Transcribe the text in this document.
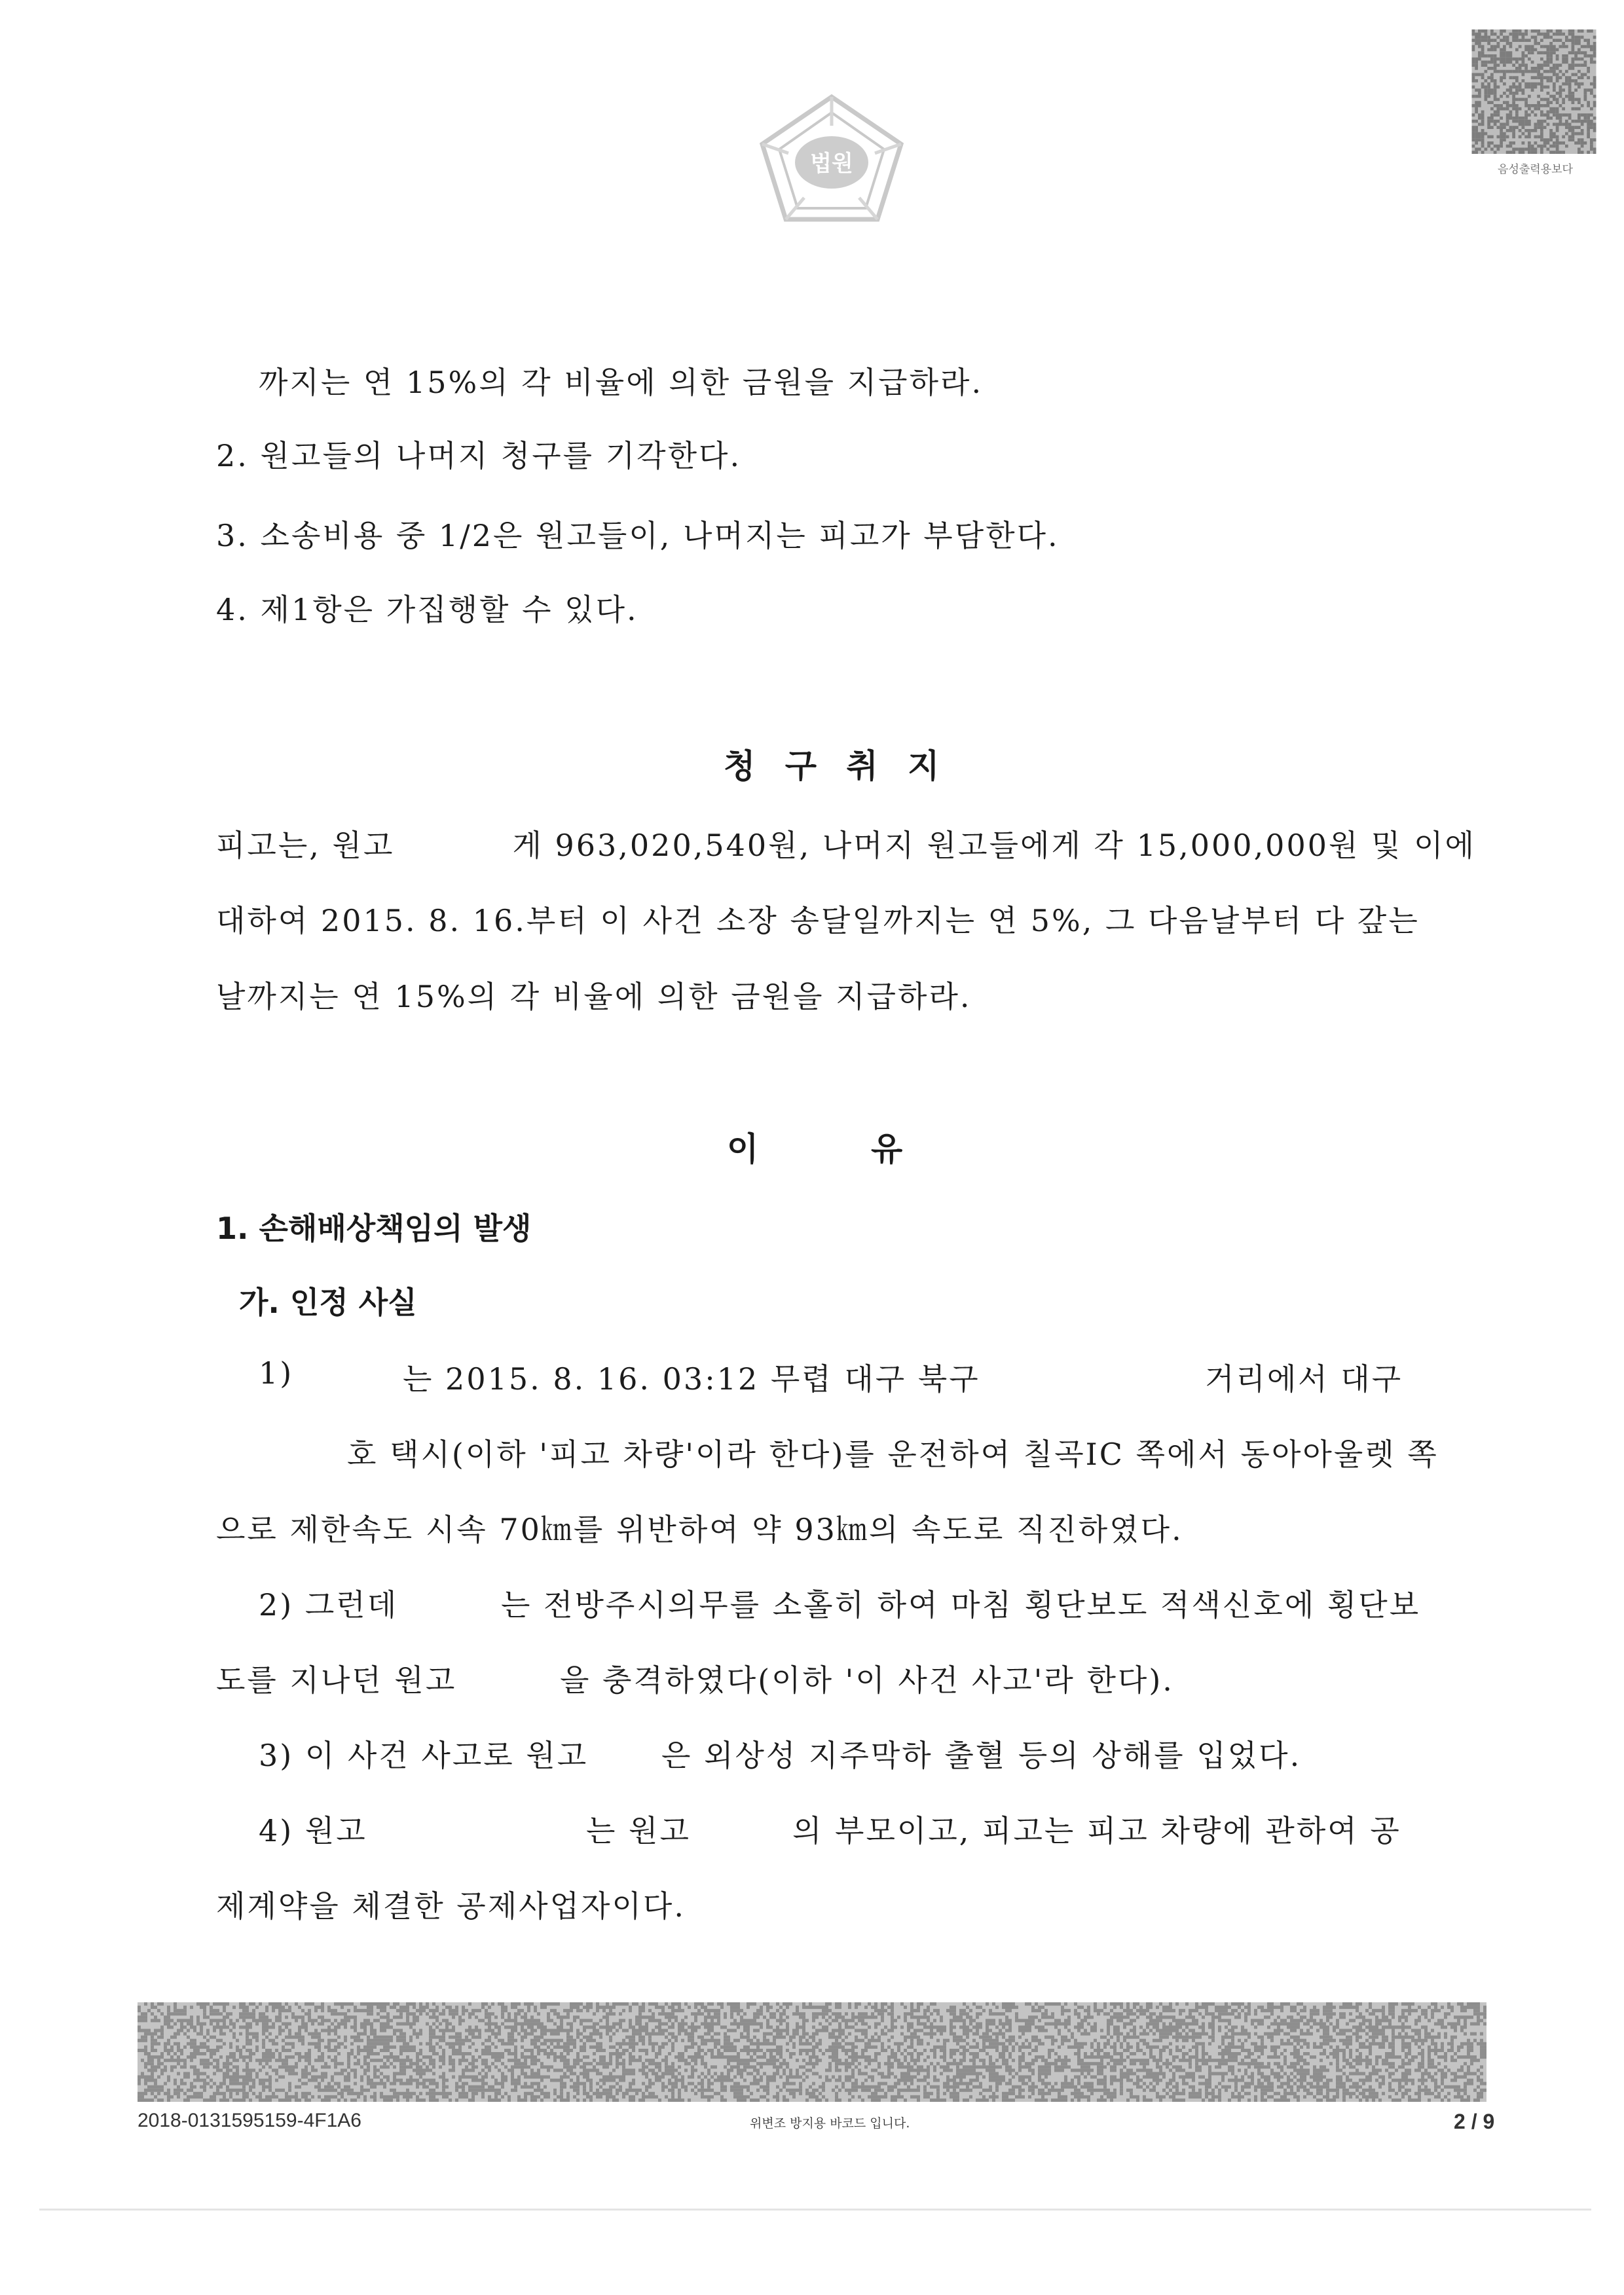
법원	음성출력용보다
까지는 연 15%의 각 비율에 의한 금원을 지급하라.
2. 원고들의 나머지 청구를 기각한다.
3. 소송비용 중 1/2은 원고들이, 나머지는 피고가 부담한다.
4. 제1항은 가집행할 수 있다.
청 구 취 지
피고는, 원고	게 963,020,540원, 나머지 원고들에게 각 15,000,000원 및 이에
대하여 2015. 8. 16.부터 이 사건 소장 송달일까지는 연 5%, 그 다음날부터 다 갚는
날까지는 연 15%의 각 비율에 의한 금원을 지급하라.
이	유
1. 손해배상책임의 발생
가. 인정 사실
1)	는 2015. 8. 16. 03:12 무렵 대구 북구	거리에서 대구
호 택시(이하 '피고 차량'이라 한다)를 운전하여 칠곡IC 쪽에서 동아아울렛 쪽
으로 제한속도 시속 70㎞를 위반하여 약 93㎞의 속도로 직진하였다.
2) 그런데	는 전방주시의무를 소홀히 하여 마침 횡단보도 적색신호에 횡단보
도를 지나던 원고	을 충격하였다(이하 '이 사건 사고'라 한다).
3) 이 사건 사고로 원고 은 외상성 지주막하 출혈 등의 상해를 입었다.
4) 원고	는 원고	의 부모이고, 피고는 피고 차량에 관하여 공
제계약을 체결한 공제사업자이다.
2018-0131595159-4F1A6	위변조 방지용 바코드 입니다.	2 / 9
